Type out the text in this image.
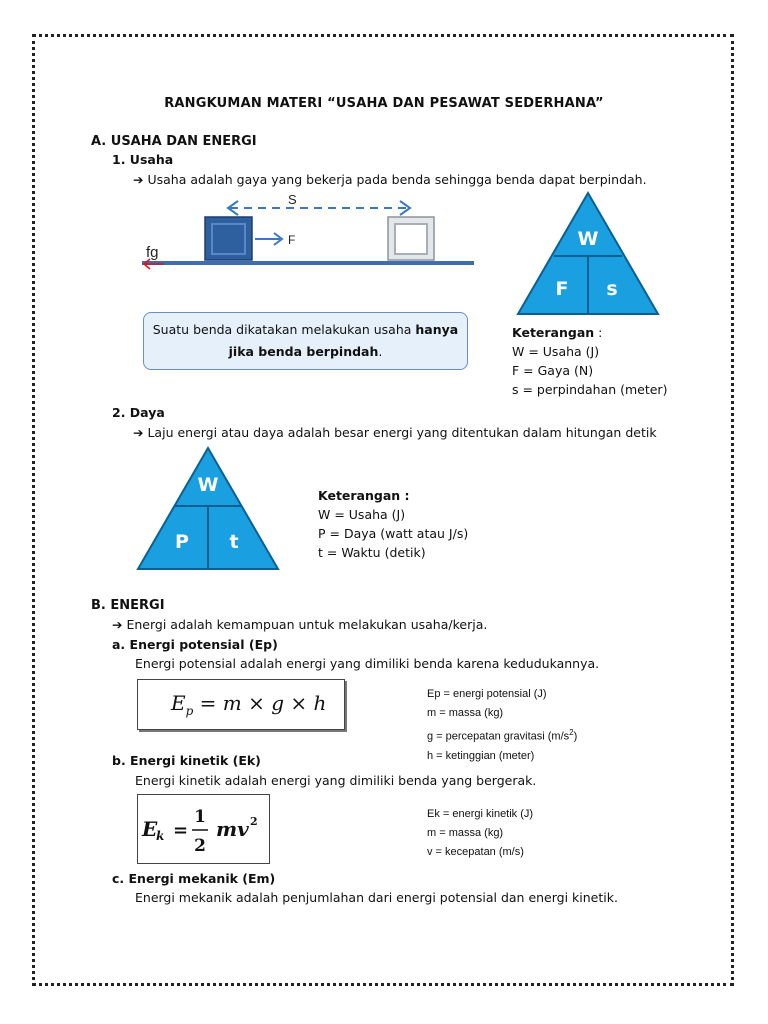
RANGKUMAN MATERI “USAHA DAN PESAWAT SEDERHANA”
A. USAHA DAN ENERGI
1. Usaha
➔ Usaha adalah gaya yang bekerja pada benda sehingga benda dapat berpindah.
S
F
fg
W
F s
Suatu benda dikatakan melakukan usaha hanya jika benda berpindah.
Keterangan :
W = Usaha (J)
F = Gaya (N)
s = perpindahan (meter)
2. Daya
➔ Laju energi atau daya adalah besar energi yang ditentukan dalam hitungan detik
W
P t
Keterangan :
W = Usaha (J)
P = Daya (watt atau J/s)
t = Waktu (detik)
B. ENERGI
➔ Energi adalah kemampuan untuk melakukan usaha/kerja.
a. Energi potensial (Ep)
Energi potensial adalah energi yang dimiliki benda karena kedudukannya.
$E_p = m \times g \times h$	Ep = energi potensial (J)
m = massa (kg)
g = percepatan gravitasi $(m/s^2)$
h = ketinggian (meter)
b. Energi kinetik (Ek)
Energi kinetik adalah energi yang dimiliki benda yang bergerak.
E
k =
1
2
mv 2
Ek = energi kinetik (J)
m = massa (kg)
v = kecepatan (m/s)
c. Energi mekanik (Em)
Energi mekanik adalah penjumlahan dari energi potensial dan energi kinetik.
